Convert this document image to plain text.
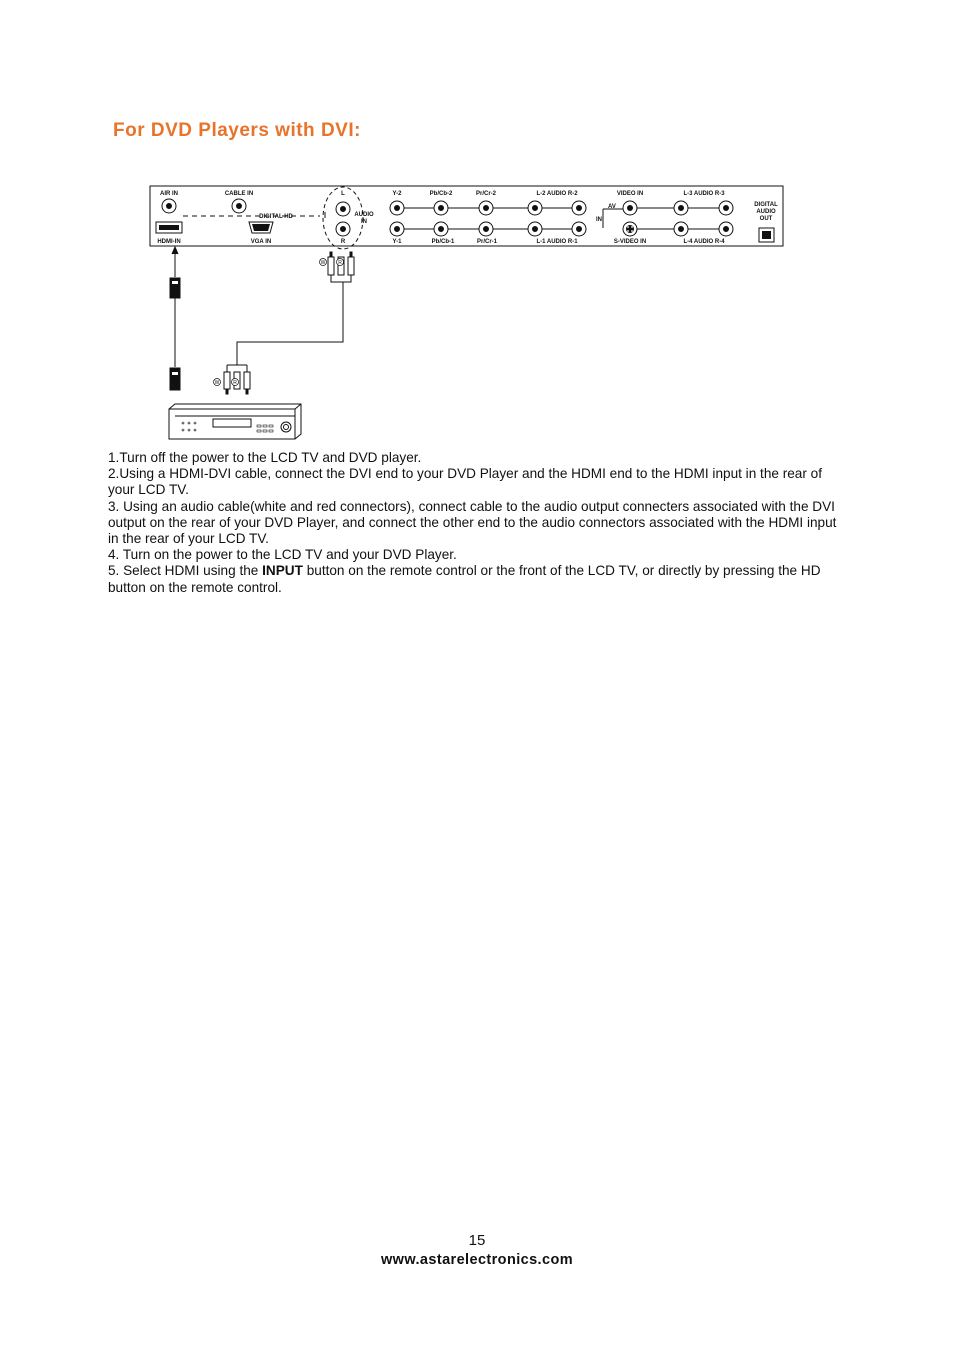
For DVD Players with DVI:
AIR IN	CABLE IN
DIGITAL HD
HDMI-IN	VGA IN
L
R
AUDIO
IN
Y-2
Y-1
Pb/Cb-2
Pb/Cb-1
Pr/Cr-2
Pr/Cr-1
L-2 AUDIO R-2
L-1 AUDIO R-1
VIDEO IN
AV
IN
S-VIDEO IN
L-3 AUDIO R-3
L-4 AUDIO R-4
DIGITAL
AUDIO
OUT
W	R
W	R

1.Turn off the power to the LCD TV and DVD player.

2.Using a HDMI-DVI cable, connect the DVI end to your DVD Player and the HDMI end to the HDMI input in the rear of your LCD TV.

3. Using an audio cable(white and red connectors), connect cable to the audio output connecters associated with the DVI output on the rear of your DVD Player, and connect the other end to the audio connectors associated with the HDMI input in the rear of your LCD TV.

4. Turn on the power to the LCD TV and your DVD Player.

5. Select HDMI using the INPUT button on the remote control or the front of the LCD TV, or directly by pressing the HD button on the remote control.

15
www.astarelectronics.com
